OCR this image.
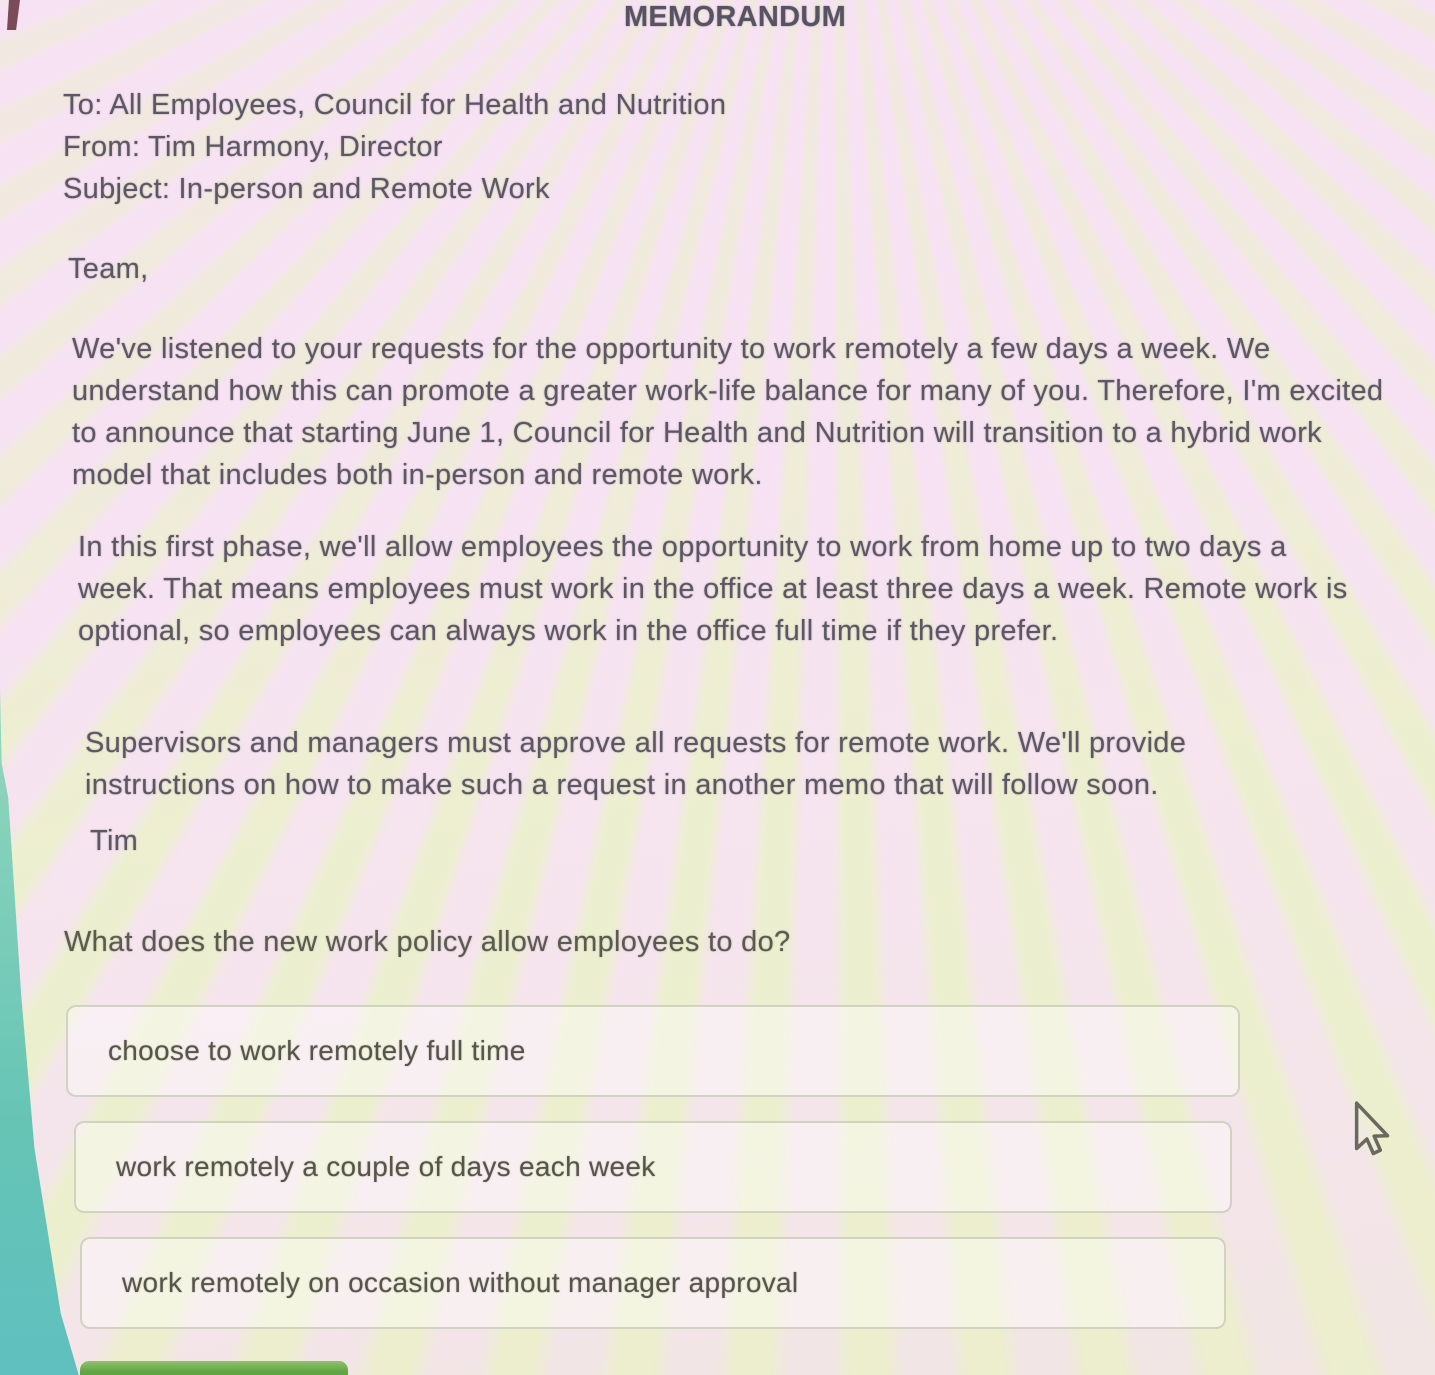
MEMORANDUM
To: All Employees, Council for Health and Nutrition
From: Tim Harmony, Director
Subject: In-person and Remote Work
Team,
We've listened to your requests for the opportunity to work remotely a few days a week. We understand how this can promote a greater work-life balance for many of you. Therefore, I'm excited to announce that starting June 1, Council for Health and Nutrition will transition to a hybrid work model that includes both in-person and remote work.
In this first phase, we'll allow employees the opportunity to work from home up to two days a week. That means employees must work in the office at least three days a week. Remote work is optional, so employees can always work in the office full time if they prefer.
Supervisors and managers must approve all requests for remote work. We'll provide instructions on how to make such a request in another memo that will follow soon.
Tim
What does the new work policy allow employees to do?
choose to work remotely full time
work remotely a couple of days each week
work remotely on occasion without manager approval
